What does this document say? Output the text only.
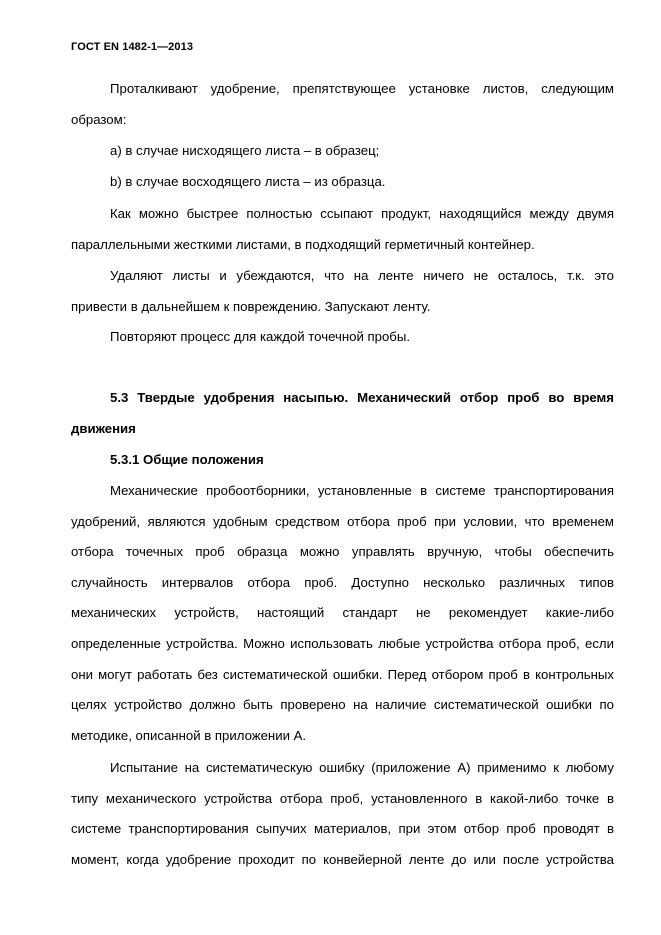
ГОСТ EN 1482-1—2013
Проталкивают удобрение, препятствующее установке листов, следующим
образом:
а) в случае нисходящего листа – в образец;
b) в случае восходящего листа – из образца.
Как можно быстрее полностью ссыпают продукт, находящийся между двумя
параллельными жесткими листами, в подходящий герметичный контейнер.
Удаляют листы и убеждаются, что на ленте ничего не осталось, т.к. это
привести в дальнейшем к повреждению. Запускают ленту.
Повторяют процесс для каждой точечной пробы.
5.3 Твердые удобрения насыпью. Механический отбор проб во время
движения
5.3.1 Общие положения
Механические пробоотборники, установленные в системе транспортирования
удобрений, являются удобным средством отбора проб при условии, что временем
отбора точечных проб образца можно управлять вручную, чтобы обеспечить
случайность интервалов отбора проб. Доступно несколько различных типов
механических устройств, настоящий стандарт не рекомендует какие-либо
определенные устройства. Можно использовать любые устройства отбора проб, если
они могут работать без систематической ошибки. Перед отбором проб в контрольных
целях устройство должно быть проверено на наличие систематической ошибки по
методике, описанной в приложении А.
Испытание на систематическую ошибку (приложение А) применимо к любому
типу механического устройства отбора проб, установленного в какой-либо точке в
системе транспортирования сыпучих материалов, при этом отбор проб проводят в
момент, когда удобрение проходит по конвейерной ленте до или после устройства
